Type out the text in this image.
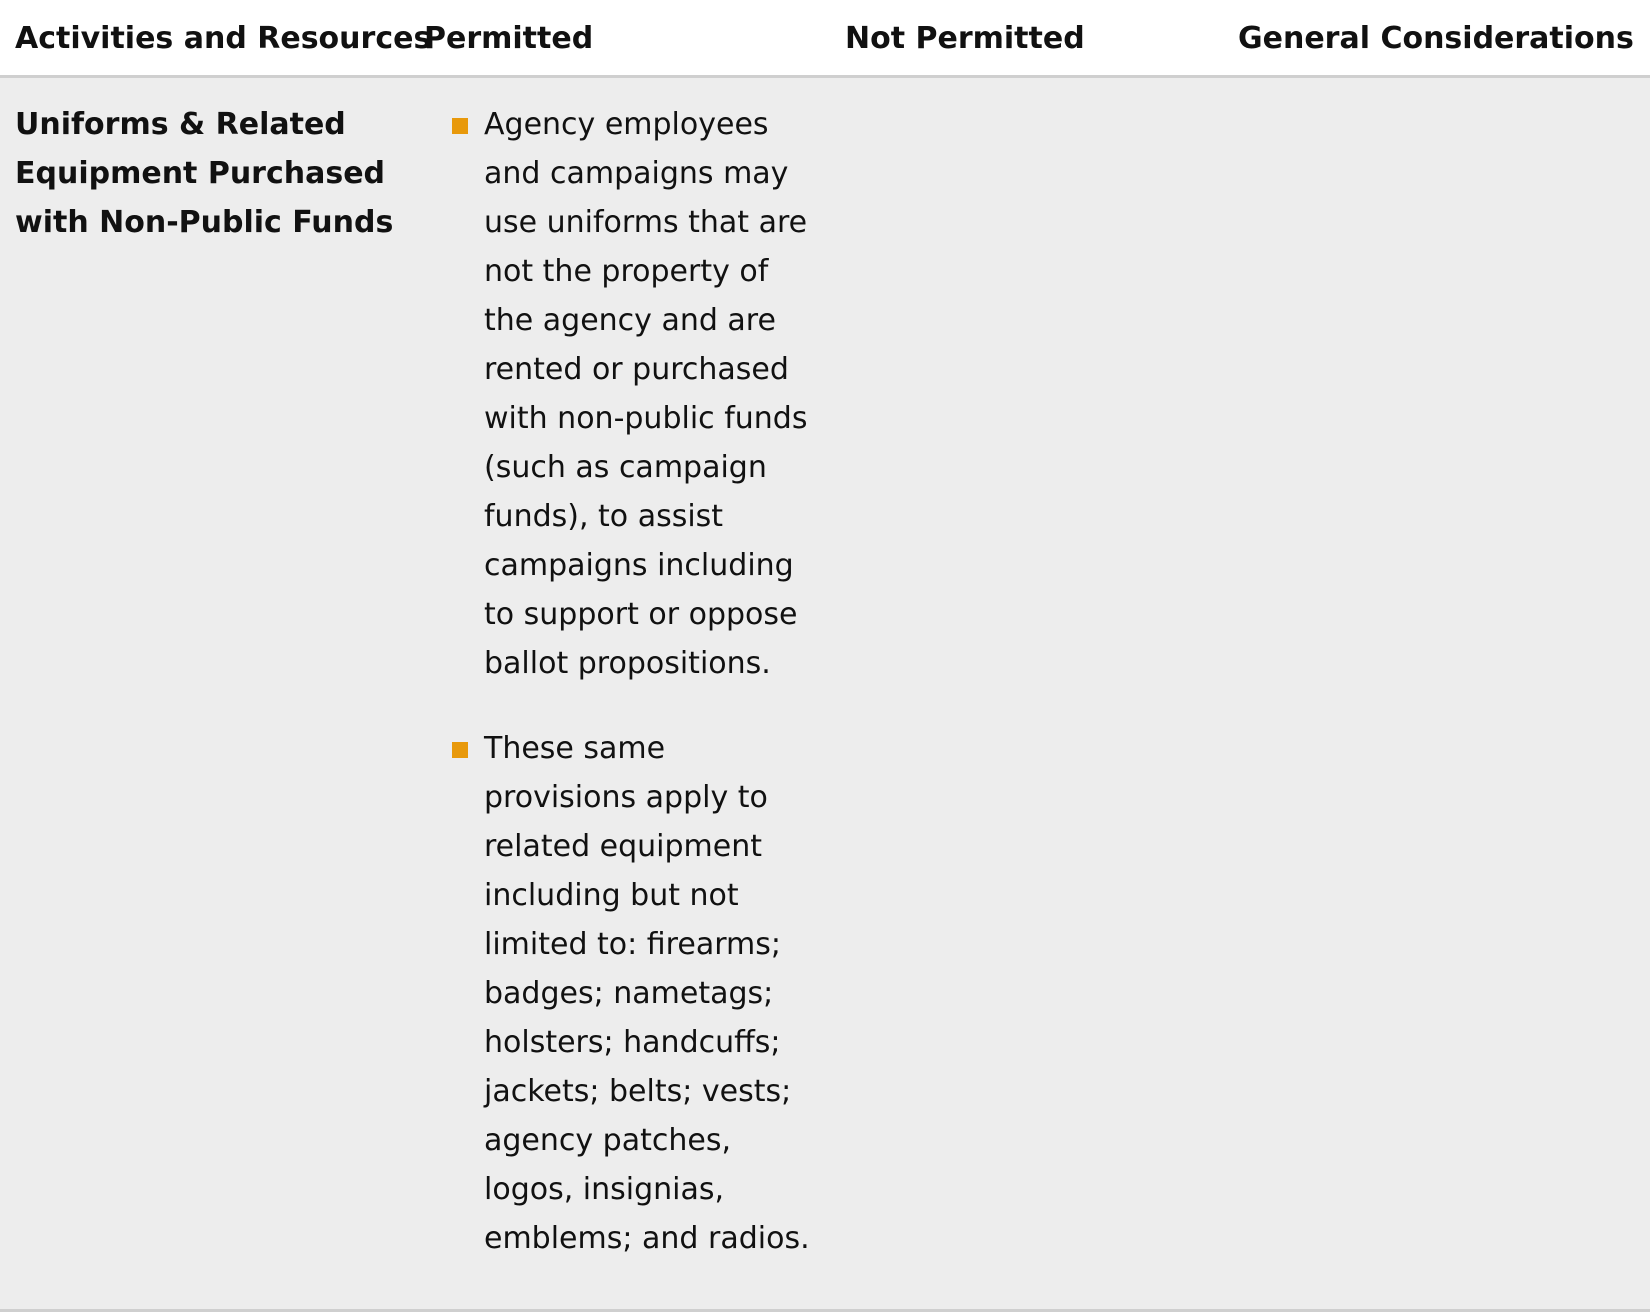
Activities and Resources
Permitted	Not Permitted	General Considerations
Uniforms & Related Equipment Purchased with Non-Public Funds
Agency employees and campaigns may use uniforms that are not the property of the agency and are rented or purchased with non-public funds (such as campaign funds), to assist campaigns including to support or oppose ballot propositions.
These same provisions apply to related equipment including but not limited to: firearms; badges; nametags; holsters; handcuffs;  jackets; belts; vests; agency patches, logos, insignias, emblems; and radios.
